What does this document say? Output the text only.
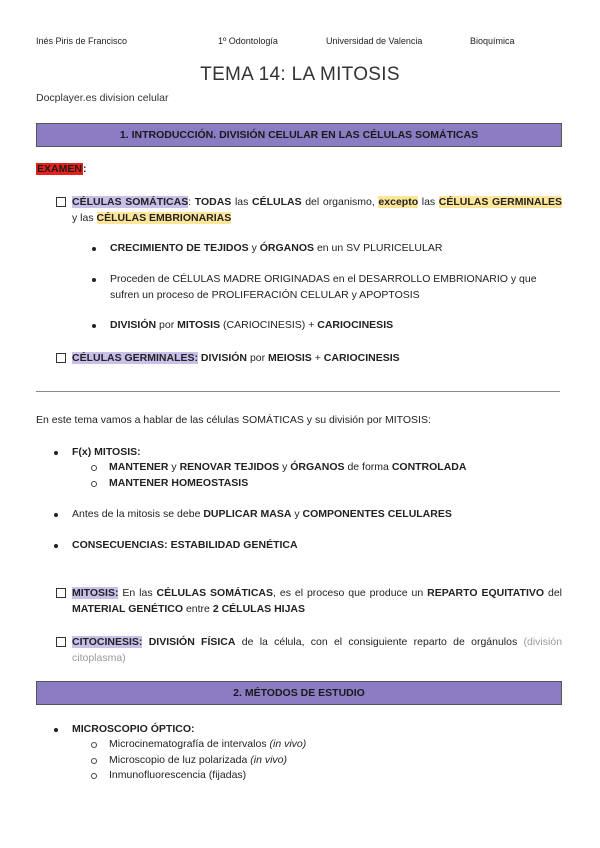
Inés Piris de Francisco	1º Odontología	Universidad de Valencia	Bioquímica
TEMA 14: LA MITOSIS
Docplayer.es division celular
1. INTRODUCCIÓN. DIVISIÓN CELULAR EN LAS CÉLULAS SOMÁTICAS
EXAMEN:
CÉLULAS SOMÁTICAS: TODAS las CÉLULAS del organismo, excepto las CÉLULAS GERMINALES y las CÉLULAS EMBRIONARIAS
CRECIMIENTO DE TEJIDOS y ÓRGANOS en un SV PLURICELULAR
Proceden de CÉLULAS MADRE ORIGINADAS en el DESARROLLO EMBRIONARIO y que sufren un proceso de PROLIFERACIÓN CELULAR y APOPTOSIS
DIVISIÓN por MITOSIS (CARIOCINESIS) + CARIOCINESIS
CÉLULAS GERMINALES: DIVISIÓN por MEIOSIS + CARIOCINESIS
En este tema vamos a hablar de las células SOMÁTICAS y su división por MITOSIS:
F(x) MITOSIS:
MANTENER y RENOVAR TEJIDOS y ÓRGANOS de forma CONTROLADA
MANTENER HOMEOSTASIS
Antes de la mitosis se debe DUPLICAR MASA y COMPONENTES CELULARES
CONSECUENCIAS: ESTABILIDAD GENÉTICA
MITOSIS: En las CÉLULAS SOMÁTICAS, es el proceso que produce un REPARTO EQUITATIVO del MATERIAL GENÉTICO entre 2 CÉLULAS HIJAS
CITOCINESIS: DIVISIÓN FÍSICA de la célula, con el consiguiente reparto de orgánulos (división citoplasma)
2. MÉTODOS DE ESTUDIO
MICROSCOPIO ÓPTICO:
Microcinematografía de intervalos (in vivo)
Microscopio de luz polarizada (in vivo)
Inmunofluorescencia (fijadas)
